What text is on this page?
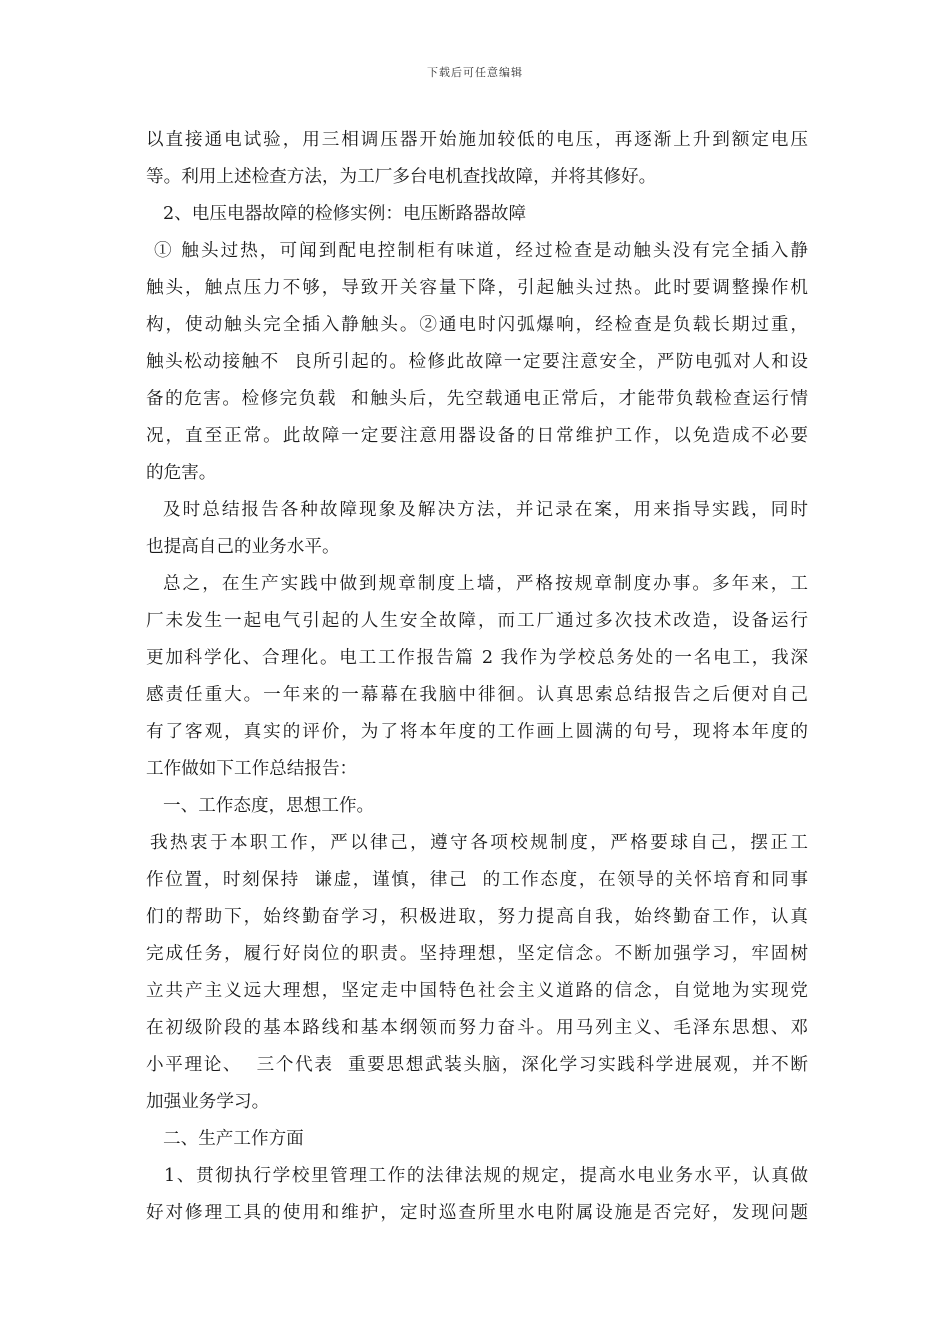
下载后可任意编辑
以直接通电试验，用三相调压器开始施加较低的电压，再逐渐上升到额定电压
等。利用上述检查方法，为工厂多台电机查找故障，并将其修好。
2、电压电器故障的检修实例：电压断路器故障
① 触头过热，可闻到配电控制柜有味道，经过检查是动触头没有完全插入静
触头，触点压力不够，导致开关容量下降，引起触头过热。此时要调整操作机
构，使动触头完全插入静触头。②通电时闪弧爆响，经检查是负载长期过重，
触头松动接触不  良所引起的。检修此故障一定要注意安全，严防电弧对人和设
备的危害。检修完负载  和触头后，先空载通电正常后，才能带负载检查运行情
况，直至正常。此故障一定要注意用器设备的日常维护工作，以免造成不必要
的危害。
及时总结报告各种故障现象及解决方法，并记录在案，用来指导实践，同时
也提高自己的业务水平。
总之，在生产实践中做到规章制度上墙，严格按规章制度办事。多年来，工
厂未发生一起电气引起的人生安全故障，而工厂通过多次技术改造，设备运行
更加科学化、合理化。电工工作报告篇 2 我作为学校总务处的一名电工，我深
感责任重大。一年来的一幕幕在我脑中徘徊。认真思索总结报告之后便对自己
有了客观，真实的评价，为了将本年度的工作画上圆满的句号，现将本年度的
工作做如下工作总结报告：
一、工作态度，思想工作。
我热衷于本职工作，严以律己，遵守各项校规制度，严格要球自己，摆正工
作位置，时刻保持  谦虚，谨慎，律己  的工作态度，在领导的关怀培育和同事
们的帮助下，始终勤奋学习，积极进取，努力提高自我，始终勤奋工作，认真
完成任务，履行好岗位的职责。坚持理想，坚定信念。不断加强学习，牢固树
立共产主义远大理想，坚定走中国特色社会主义道路的信念，自觉地为实现党
在初级阶段的基本路线和基本纲领而努力奋斗。用马列主义、毛泽东思想、邓
小平理论、  三个代表  重要思想武装头脑，深化学习实践科学进展观，并不断
加强业务学习。
二、生产工作方面
1、贯彻执行学校里管理工作的法律法规的规定，提高水电业务水平，认真做
好对修理工具的使用和维护，定时巡查所里水电附属设施是否完好，发现问题
